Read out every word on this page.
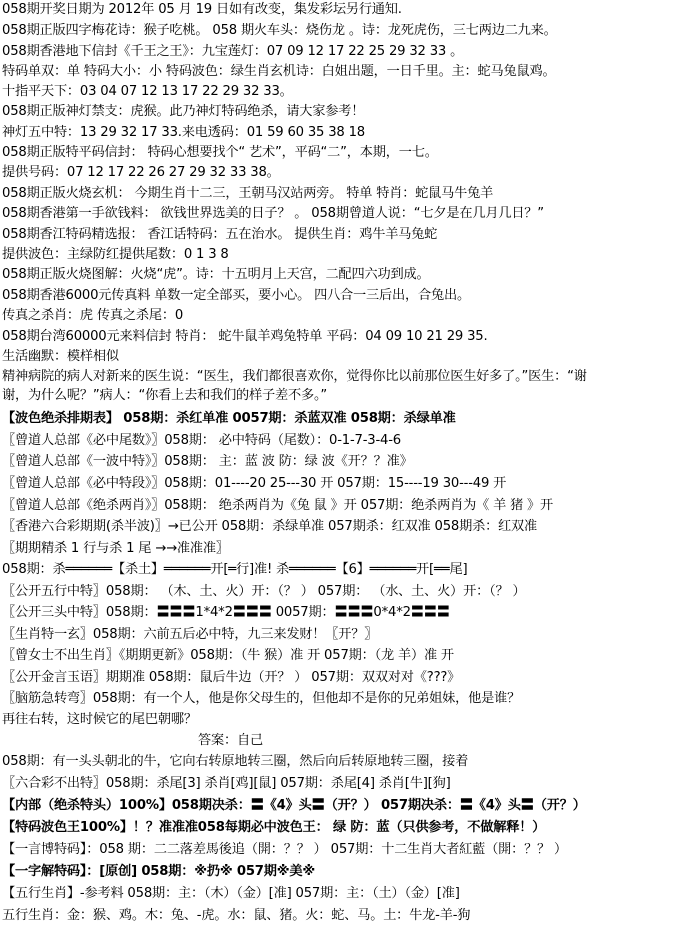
058期开奖日期为 2012年 05 月 19 日如有改变，集发彩坛另行通知.
058期正版四字梅花诗：猴子吃桃。 058 期火车头：烧伤龙 。诗：龙死虎伤，三七两边二九来。
058期香港地下信封《千王之王》：九宝莲灯：07 09 12 17 22 25 29 32 33 。
特码单双：单 特码大小：小 特码波色：绿生肖玄机诗：白姐出题，一日千里。主：蛇马兔鼠鸡。
十指平天下：03 04 07 12 13 17 22 29 32 33。
058期正版神灯禁支：虎猴。此乃神灯特码绝杀，请大家参考！
神灯五中特：13 29 32 17 33.来电透码：01 59 60 35 38 18
058期正版特平码信封： 特码心想要找个“ 艺术”，平码“二”，本期，一七。
提供号码：07 12 17 22 26 27 29 32 33 38。
058期正版火烧玄机： 今期生肖十二三，王朝马汉站两旁。 特单 特肖：蛇鼠马牛兔羊
058期香港第一手欲钱料： 欲钱世界选美的日子？ 。 058期曾道人说：“七夕是在几月几日？”
058期香江特码精选报： 香江话特码：五在治水。 提供生肖：鸡牛羊马兔蛇
提供波色：主绿防红提供尾数：0 1 3 8
058期正版火烧图解：火烧“虎”。诗：十五明月上天宫，二配四六功到成。
058期香港6000元传真料 单数一定全部买，要小心。 四八合一三后出，合兔出。
传真之杀肖：虎 传真之杀尾：0
058期台湾60000元来料信封 特肖： 蛇牛鼠羊鸡兔特单 平码：04 09 10 21 29 35.
生活幽默：模样相似
精神病院的病人对新来的医生说：“医生，我们都很喜欢你，觉得你比以前那位医生好多了。”医生：“谢
谢，为什么呢？”病人：“你看上去和我们的样子差不多。”
【波色绝杀排期表】 058期：杀红单准 0057期：杀蓝双准 058期：杀绿单准
〖曾道人总部《必中尾数》〗058期： 必中特码（尾数）：0-1-7-3-4-6
〖曾道人总部《一波中特》〗058期： 主：蓝 波 防：绿 波《开？？准》
〖曾道人总部《必中特段》〗058期：01----20 25---30 开 057期：15----19 30---49 开
〖曾道人总部《绝杀两肖》〗058期： 绝杀两肖为《兔 鼠 》开 057期：绝杀两肖为《 羊 猪 》开
〖香港六合彩期期(杀半波)〗→已公开 058期：杀绿单准 057期杀：红双准 058期杀：红双准
〖期期精杀 1 行与杀 1 尾 →→准准准〗
058期：杀══════【杀土】══════开[═行]准! 杀══════【6】══════开[══尾]
〖公开五行中特〗058期： （木、土、火）开：（？ ） 057期： （水、土、火）开：（？ ）
〖公开三头中特〗058期：〓〓〓1*4*2〓〓〓 0057期：〓〓〓0*4*2〓〓〓
〖生肖特一玄〗058期：六前五后必中特，九三来发财！〖开？〗
〖曾女士不出生肖〗《期期更新》058期：（牛 猴）准 开 057期：（龙 羊）准 开
〖公开金言玉语〗期期准 058期：鼠后牛边（开？ ） 057期：双双对对《???》
〖脑筋急转弯〗058期：有一个人，他是你父母生的，但他却不是你的兄弟姐妹，他是谁？
再往右转，这时候它的尾巴朝哪？
答案：自己
058期：有一头头朝北的牛，它向右转原地转三圈，然后向后转原地转三圈，接着
〖六合彩不出特〗058期：杀尾[3] 杀肖[鸡][鼠] 057期：杀尾[4] 杀肖[牛][狗]
【内部（绝杀特头）100%】058期决杀：〓《4》头〓（开？） 057期决杀：〓《4》头〓（开？）
【特码波色王100%】！？准准准058每期必中波色王： 绿 防：蓝（只供参考，不做解释！）
【一言博特码】：058 期：二二落差馬後追（開：？？ ） 057期：十二生肖大者紅藍（開：？？ ）
【一字解特码】：[原创] 058期：※扔※ 057期※美※
【五行生肖】-参考料 058期：主：（木）（金）[准] 057期：主：（土）（金）[准]
五行生肖：金：猴、鸡。木：兔、-虎。水：鼠、猪。火：蛇、马。土：牛龙-羊-狗
